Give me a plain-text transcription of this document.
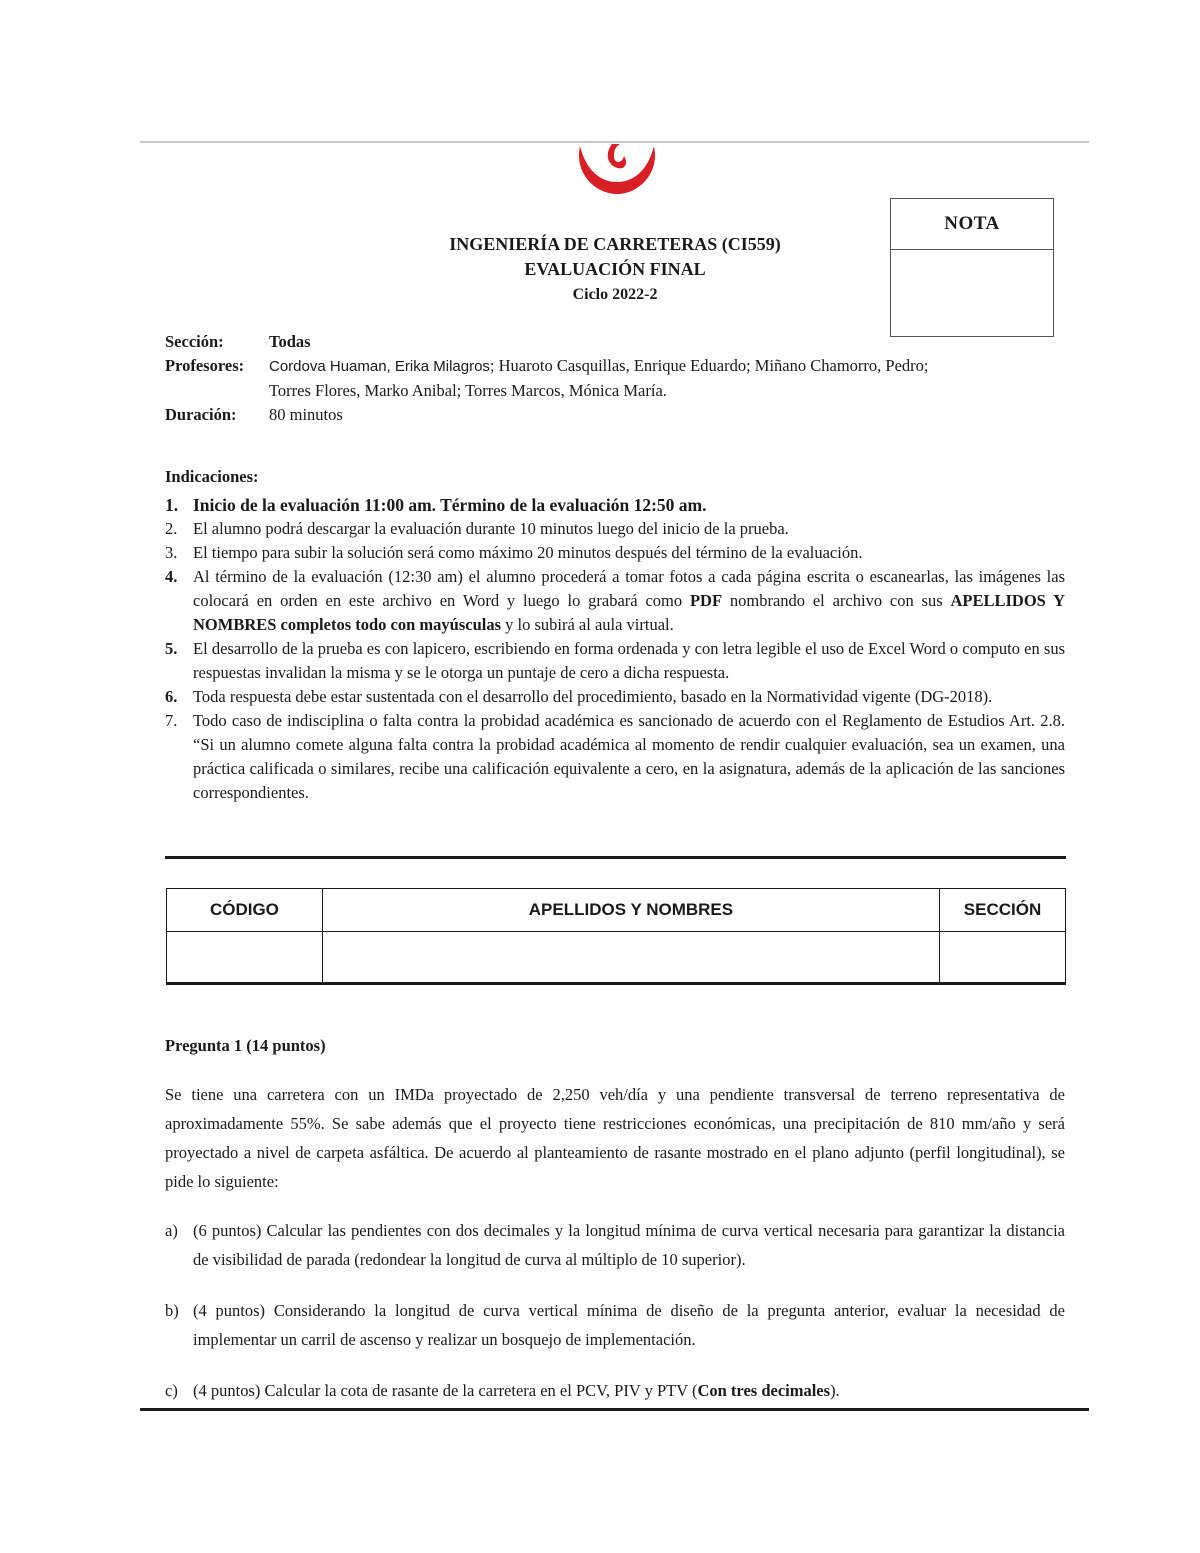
NOTA
INGENIERÍA DE CARRETERAS (CI559)
EVALUACIÓN FINAL
Ciclo 2022-2
Sección:	Todas
Profesores:	Cordova Huaman, Erika Milagros; Huaroto Casquillas, Enrique Eduardo; Miñano Chamorro, Pedro;
Torres Flores, Marko Anibal; Torres Marcos, Mónica María.
Duración:	80 minutos
Indicaciones:
1. Inicio de la evaluación 11:00 am. Término de la evaluación 12:50 am.
2. El alumno podrá descargar la evaluación durante 10 minutos luego del inicio de la prueba.
3. El tiempo para subir la solución será como máximo 20 minutos después del término de la evaluación.
4. Al término de la evaluación (12:30 am) el alumno procederá a tomar fotos a cada página escrita o escanearlas, las imágenes las colocará en orden en este archivo en Word y luego lo grabará como PDF nombrando el archivo con sus APELLIDOS Y NOMBRES completos todo con mayúsculas y lo subirá al aula virtual.
5. El desarrollo de la prueba es con lapicero, escribiendo en forma ordenada y con letra legible el uso de Excel Word o computo en sus respuestas invalidan la misma y se le otorga un puntaje de cero a dicha respuesta.
6. Toda respuesta debe estar sustentada con el desarrollo del procedimiento, basado en la Normatividad vigente (DG-2018).
7. Todo caso de indisciplina o falta contra la probidad académica es sancionado de acuerdo con el Reglamento de Estudios Art. 2.8. “Si un alumno comete alguna falta contra la probidad académica al momento de rendir cualquier evaluación, sea un examen, una práctica calificada o similares, recibe una calificación equivalente a cero, en la asignatura, además de la aplicación de las sanciones correspondientes.
CÓDIGO	APELLIDOS Y NOMBRES	SECCIÓN

Pregunta 1 (14 puntos)

Se tiene una carretera con un IMDa proyectado de 2,250 veh/día y una pendiente transversal de terreno representativa de aproximadamente 55%. Se sabe además que el proyecto tiene restricciones económicas, una precipitación de 810 mm/año y será proyectado a nivel de carpeta asfáltica. De acuerdo al planteamiento de rasante mostrado en el plano adjunto (perfil longitudinal), se pide lo siguiente:

a) (6 puntos) Calcular las pendientes con dos decimales y la longitud mínima de curva vertical necesaria para garantizar la distancia de visibilidad de parada (redondear la longitud de curva al múltiplo de 10 superior).
b) (4 puntos) Considerando la longitud de curva vertical mínima de diseño de la pregunta anterior, evaluar la necesidad de implementar un carril de ascenso y realizar un bosquejo de implementación.
c) (4 puntos) Calcular la cota de rasante de la carretera en el PCV, PIV y PTV (Con tres decimales).
